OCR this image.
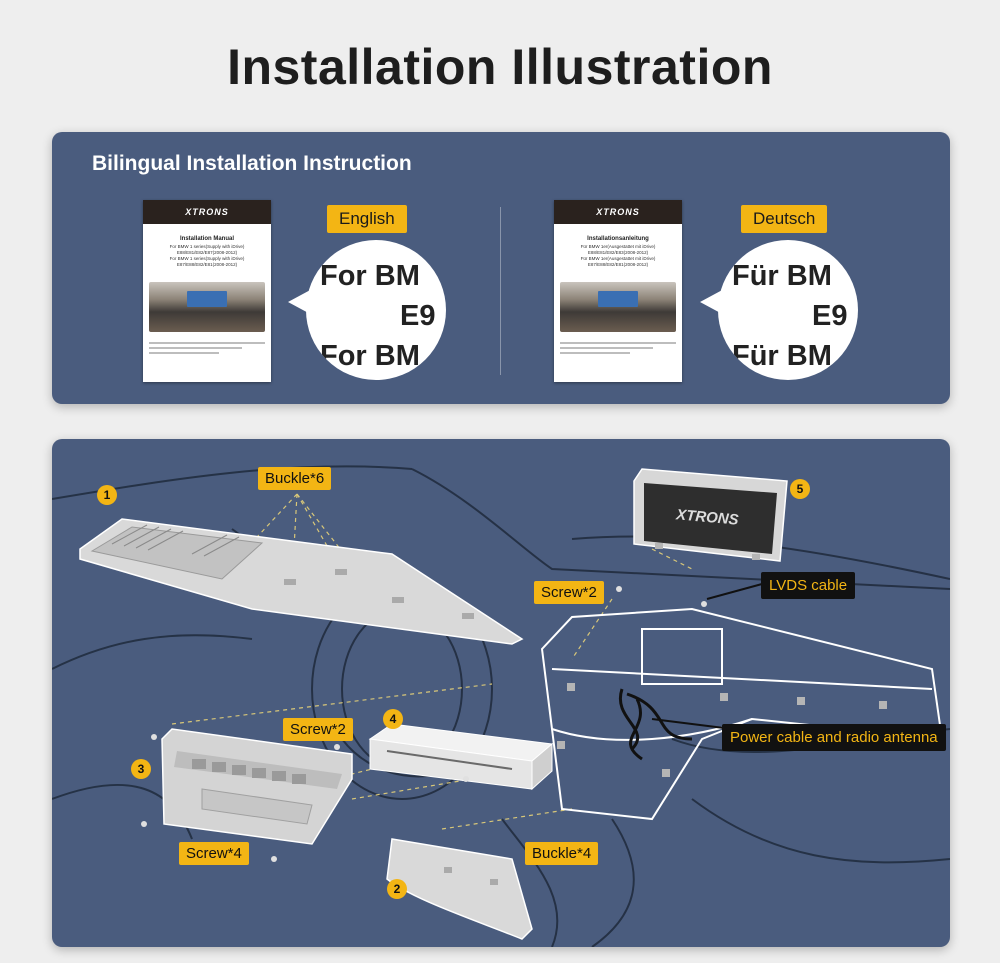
Installation Illustration
Bilingual Installation Instruction
XTRONS
Installation Manual
For BMW 1 series(Supply with iDrive)
E88/E81/E82/E87(2008-2012)
For BMW 1 series(Supply with iDrive)
E87/E88/E82/E81(2008-2012)
English
For BM
E9
For BM
XTRONS
Installationsanleitung
Für BMW 1er(Ausgestattet mit iDrive)
E88/E81/E82/E83(2008-2012)
Für BMW 1er(Ausgestattet mit iDrive)
E87/E88/E82/E81(2008-2012)
Deutsch
Für BM
E9
Für BM
XTRONS
1
2
3
4
5
Buckle*6
Screw*2	LVDS cable
Screw*2	Power cable and radio antenna
Screw*4	Buckle*4
